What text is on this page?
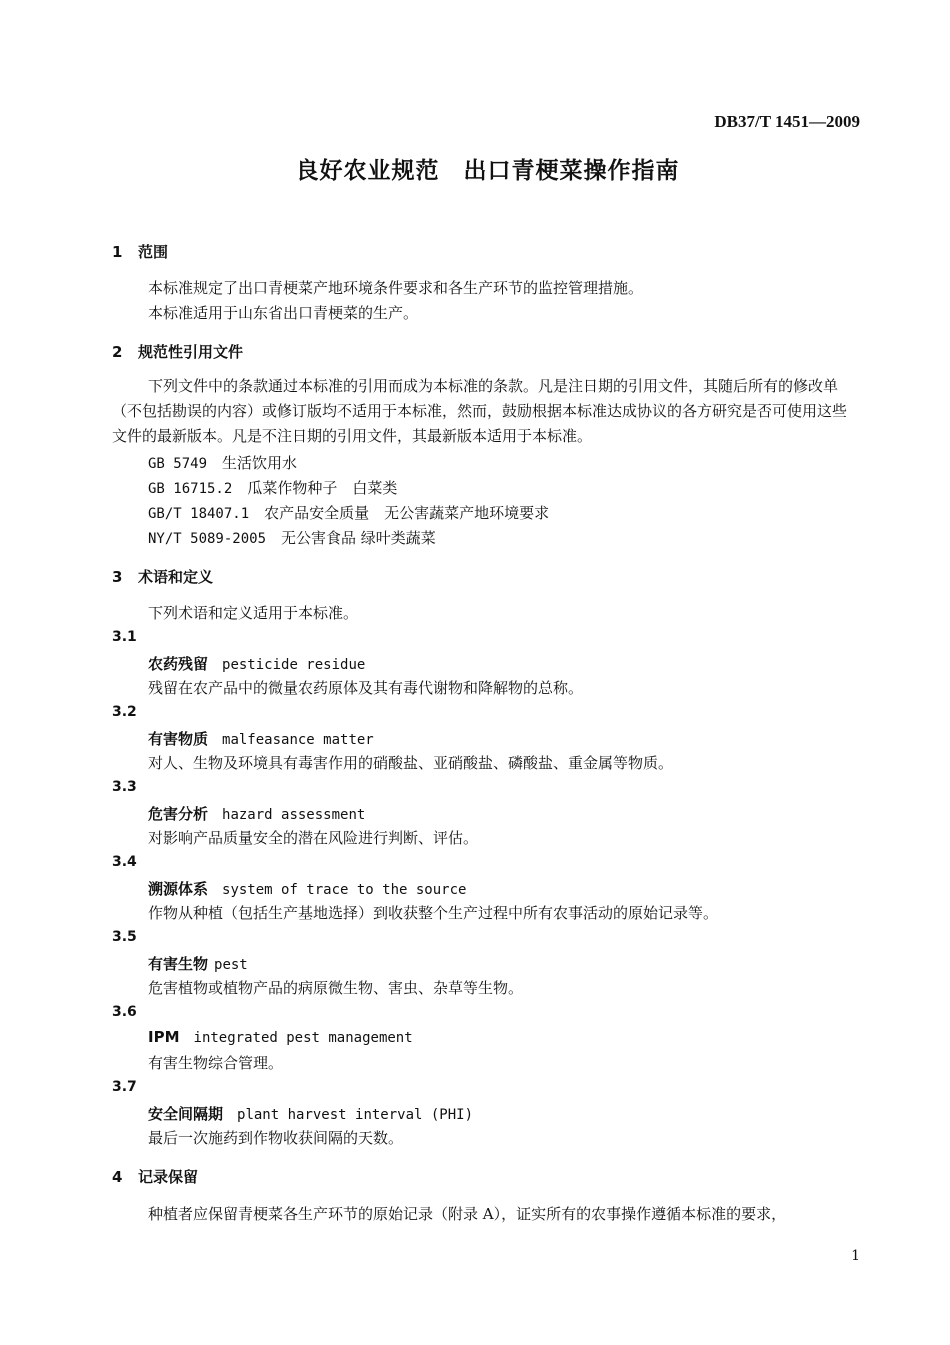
DB37/T 1451—2009
良好农业规范　出口青梗菜操作指南
1 范围
本标准规定了出口青梗菜产地环境条件要求和各生产环节的监控管理措施。
本标准适用于山东省出口青梗菜的生产。
2 规范性引用文件
下列文件中的条款通过本标准的引用而成为本标准的条款。凡是注日期的引用文件，其随后所有的修改单（不包括勘误的内容）或修订版均不适用于本标准，然而，鼓励根据本标准达成协议的各方研究是否可使用这些文件的最新版本。凡是不注日期的引用文件，其最新版本适用于本标准。
GB 5749　 生活饮用水
GB 16715.2　 瓜菜作物种子　白菜类
GB/T 18407.1　 农产品安全质量　无公害蔬菜产地环境要求
NY/T 5089-2005　 无公害食品 绿叶类蔬菜
3 术语和定义
下列术语和定义适用于本标准。
3.1
农药残留 pesticide residue
残留在农产品中的微量农药原体及其有毒代谢物和降解物的总称。
3.2
有害物质 malfeasance matter
对人、生物及环境具有毒害作用的硝酸盐、亚硝酸盐、磷酸盐、重金属等物质。
3.3
危害分析 hazard assessment
对影响产品质量安全的潜在风险进行判断、评估。
3.4
溯源体系 system of trace to the source
作物从种植（包括生产基地选择）到收获整个生产过程中所有农事活动的原始记录等。
3.5
有害生物 pest
危害植物或植物产品的病原微生物、害虫、杂草等生物。
3.6
IPM integrated pest management
有害生物综合管理。
3.7
安全间隔期 plant harvest interval (PHI)
最后一次施药到作物收获间隔的天数。
4 记录保留
种植者应保留青梗菜各生产环节的原始记录（附录 A），证实所有的农事操作遵循本标准的要求，
1
